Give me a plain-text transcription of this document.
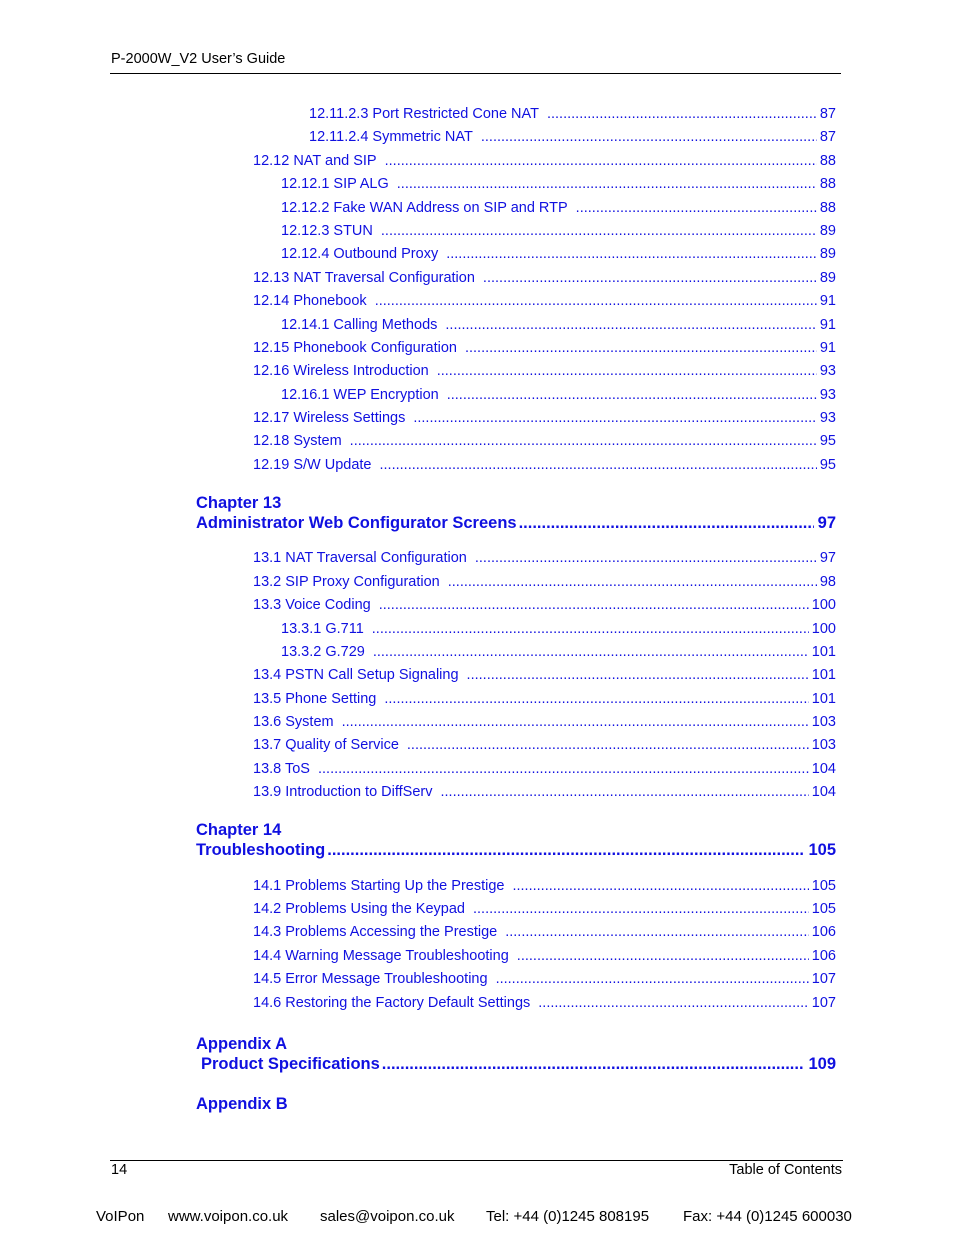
P-2000W_V2 User’s Guide
12.11.2.3 Port Restricted Cone NAT .....	87
12.11.2.4 Symmetric NAT .....	87
12.12 NAT and SIP .....	88
12.12.1 SIP ALG .....	88
12.12.2 Fake WAN Address on SIP and RTP .....	88
12.12.3 STUN .....	89
12.12.4 Outbound Proxy .....	89
12.13 NAT Traversal Configuration .....	89
12.14 Phonebook .....	91
12.14.1 Calling Methods .....	91
12.15 Phonebook Configuration .....	91
12.16 Wireless Introduction .....	93
12.16.1 WEP Encryption .....	93
12.17 Wireless Settings .....	93
12.18 System .....	95
12.19 S/W Update .....	95
Chapter 13
Administrator Web Configurator Screens .....	97
13.1 NAT Traversal Configuration .....	97
13.2 SIP Proxy Configuration .....	98
13.3 Voice Coding .....	100
13.3.1 G.711 .....	100
13.3.2 G.729 .....	101
13.4 PSTN Call Setup Signaling .....	101
13.5 Phone Setting .....	101
13.6 System .....	103
13.7 Quality of Service .....	103
13.8 ToS .....	104
13.9 Introduction to DiffServ .....	104
Chapter 14
Troubleshooting .....	105
14.1 Problems Starting Up the Prestige .....	105
14.2 Problems Using the Keypad .....	105
14.3 Problems Accessing the Prestige .....	106
14.4 Warning Message Troubleshooting .....	106
14.5 Error Message Troubleshooting .....	107
14.6 Restoring the Factory Default Settings .....	107
Appendix A
Product Specifications .....	109
Appendix B
14	Table of Contents
VoIPon www.voipon.co.uk sales@voipon.co.uk Tel: +44 (0)1245 808195 Fax: +44 (0)1245 600030
